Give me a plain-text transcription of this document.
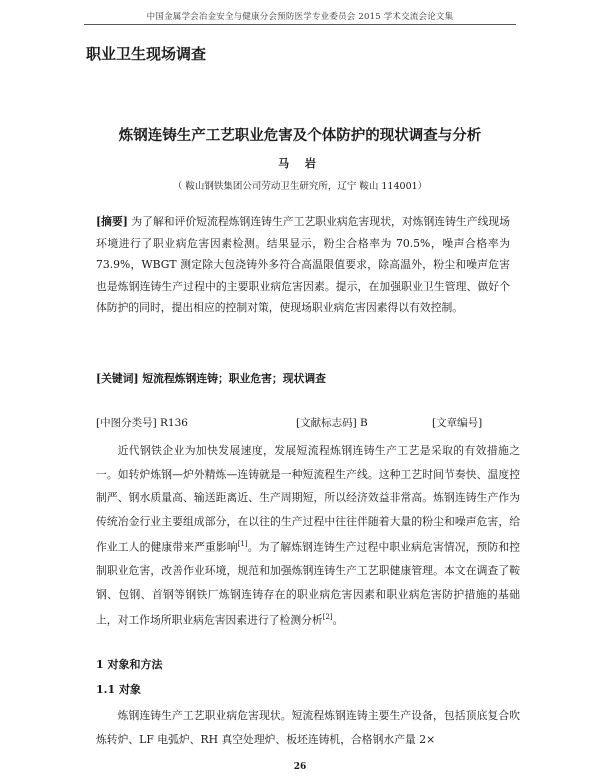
中国金属学会冶金安全与健康分会预防医学专业委员会 2015 学术交流会论文集
职业卫生现场调查
炼钢连铸生产工艺职业危害及个体防护的现状调查与分析
马 岩
（ 鞍山钢铁集团公司劳动卫生研究所，辽宁 鞍山 114001）
[摘要] 为了解和评价短流程炼钢连铸生产工艺职业病危害现状，对炼钢连铸生产线现场环境进行了职业病危害因素检测。结果显示，粉尘合格率为 70.5%，噪声合格率为 73.9%，WBGT 测定除大包浇铸外多符合高温限值要求，除高温外，粉尘和噪声危害也是炼钢连铸生产过程中的主要职业病危害因素。提示，在加强职业卫生管理、做好个体防护的同时，提出相应的控制对策，使现场职业病危害因素得以有效控制。
[关键词] 短流程炼钢连铸；职业危害；现状调查
[中图分类号] R136	[文献标志码] B	[文章编号]

近代钢铁企业为加快发展速度，发展短流程炼钢连铸生产工艺是采取的有效措施之一。如转炉炼钢—炉外精炼—连铸就是一种短流程生产线。这种工艺时间节奏快、温度控制严、钢水质量高、输送距离近、生产周期短，所以经济效益非常高。炼钢连铸生产作为传统冶金行业主要组成部分，在以往的生产过程中往往伴随着大量的粉尘和噪声危害，给作业工人的健康带来严重影响[1]。为了解炼钢连铸生产过程中职业病危害情况，预防和控制职业危害，改善作业环境，规范和加强炼钢连铸生产工艺职健康管理。本文在调查了鞍钢、包钢、首钢等钢铁厂炼钢连铸存在的职业病危害因素和职业病危害防护措施的基础上，对工作场所职业病危害因素进行了检测分析[2]。

1 对象和方法
1.1 对象

炼钢连铸生产工艺职业病危害现状。短流程炼钢连铸主要生产设备，包括顶底复合吹炼转炉、LF 电弧炉、RH 真空处理炉、板坯连铸机，合格钢水产量 2×

26
